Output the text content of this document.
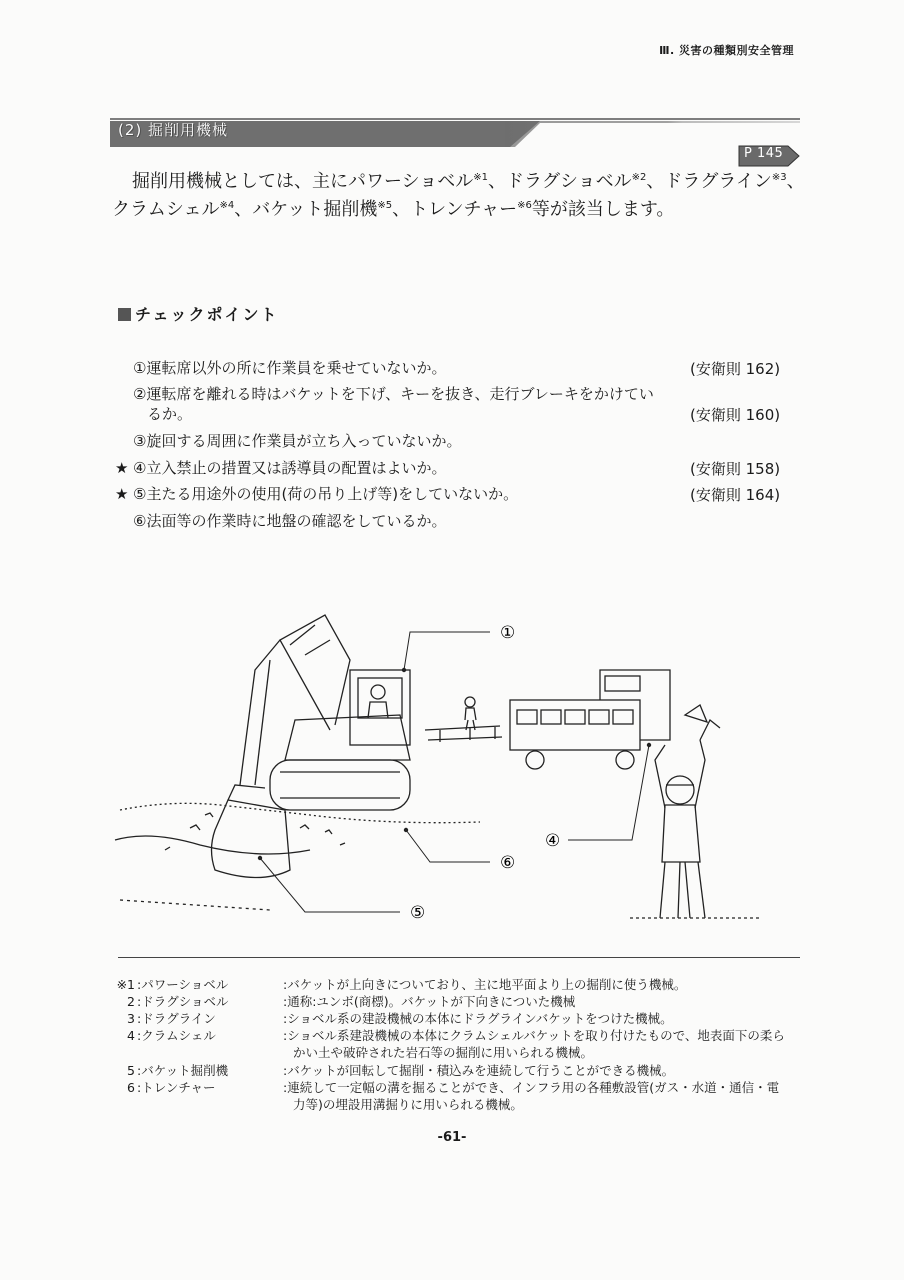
Ⅲ. 災害の種類別安全管理
(2) 掘削用機械
P 145
掘削用機械としては、主にパワーショベル$^{※1}$、ドラグショベル$^{※2}$、ドラグライン$^{※3}$、
クラムシェル$^{※4}$、バケット掘削機$^{※5}$、トレンチャー$^{※6}$等が該当します。
チェックポイント
①運転席以外の所に作業員を乗せていないか。	(安衛則 162)
②運転席を離れる時はバケットを下げ、キーを抜き、走行ブレーキをかけてい
るか。	(安衛則 160)
③旋回する周囲に作業員が立ち入っていないか。
★ ④立入禁止の措置又は誘導員の配置はよいか。	(安衛則 158)
★ ⑤主たる用途外の使用(荷の吊り上げ等)をしていないか。	(安衛則 164)
⑥法面等の作業時に地盤の確認をしているか。
①
④
⑥
⑤
※1 :パワーショベル	:バケットが上向きについており、主に地平面より上の掘削に使う機械。
2 :ドラグショベル	:通称:ユンボ(商標)。バケットが下向きについた機械
3 :ドラグライン	:ショベル系の建設機械の本体にドラグラインバケットをつけた機械。
4 :クラムシェル	:ショベル系建設機械の本体にクラムシェルバケットを取り付けたもので、地表面下の柔ら
かい土や破砕された岩石等の掘削に用いられる機械。
5 :バケット掘削機	:バケットが回転して掘削・積込みを連続して行うことができる機械。
6 :トレンチャー	:連続して一定幅の溝を掘ることができ、インフラ用の各種敷設管(ガス・水道・通信・電
力等)の埋設用溝掘りに用いられる機械。
-61-
